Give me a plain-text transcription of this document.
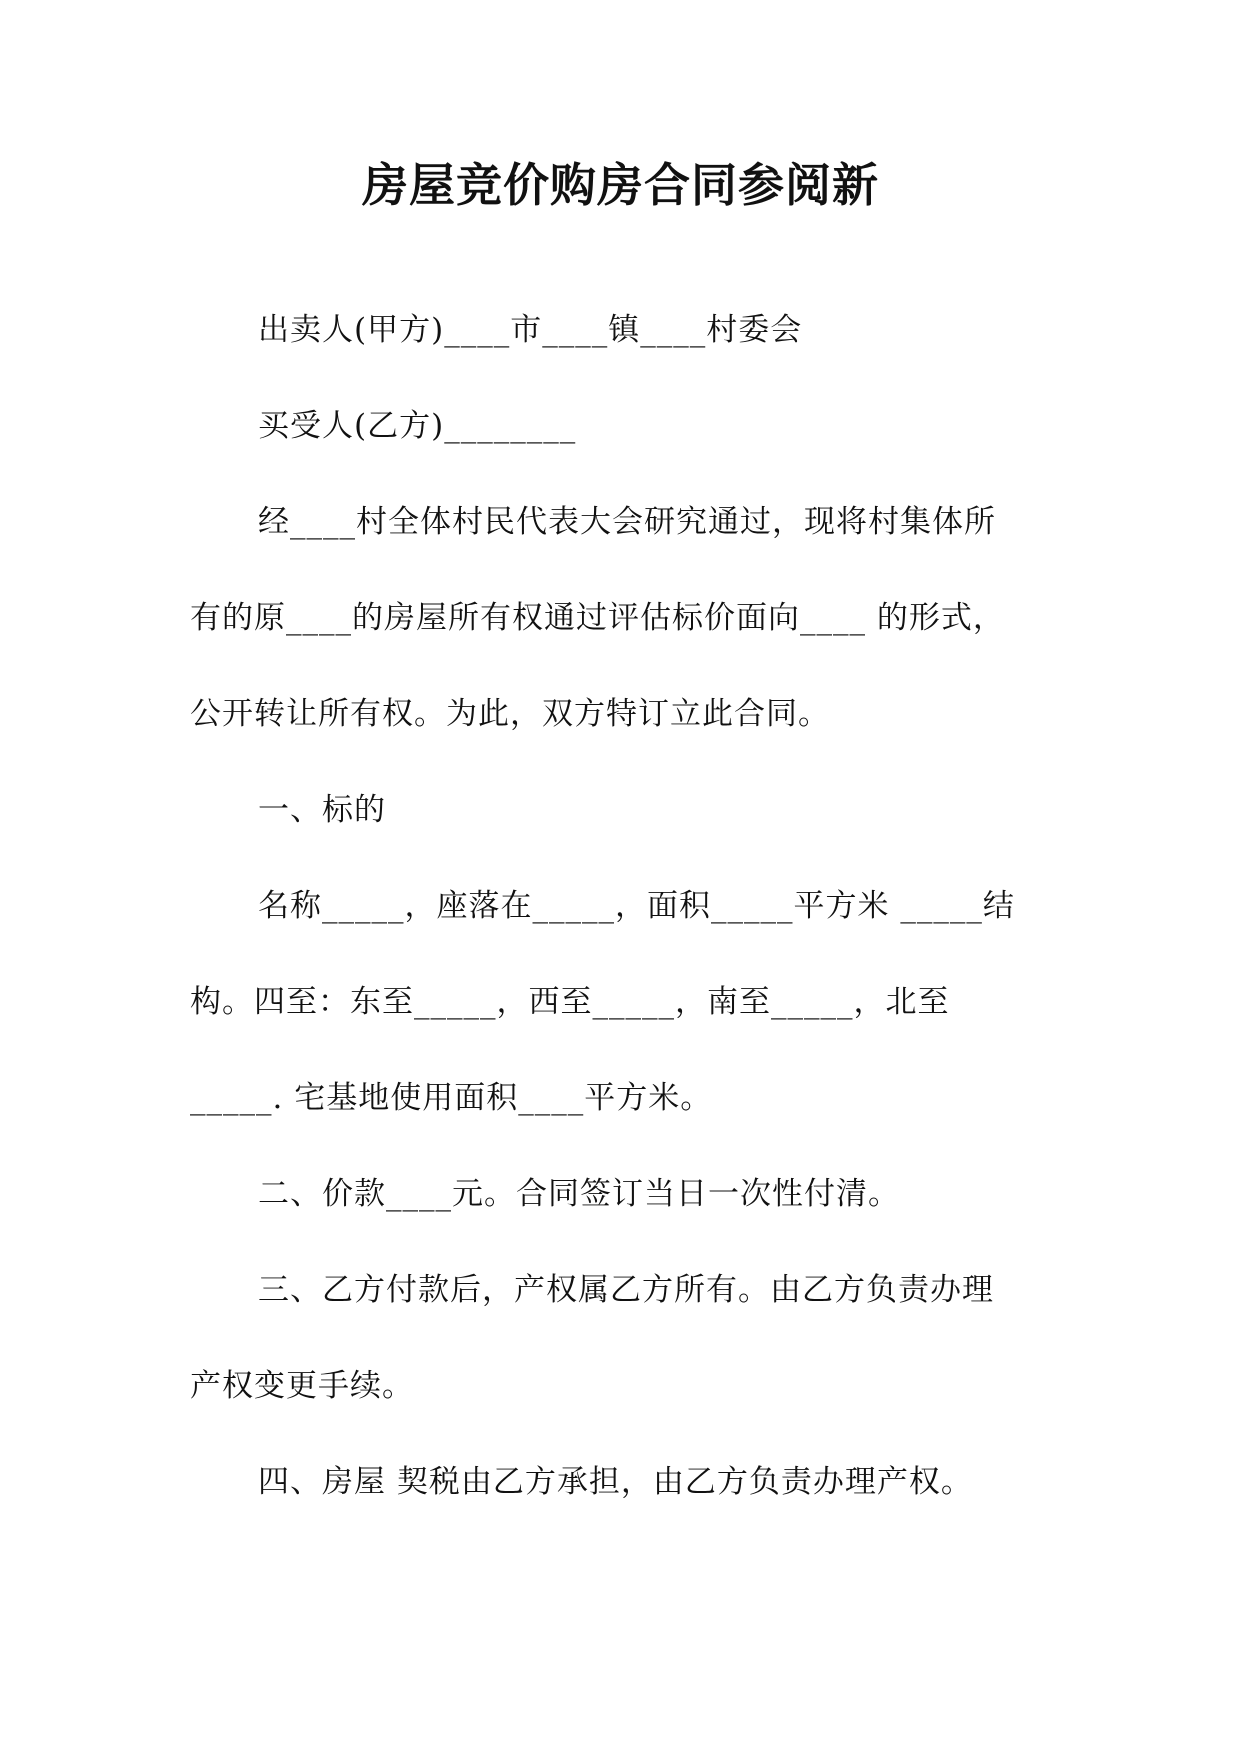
房屋竞价购房合同参阅新
出卖人(甲方)____市____镇____村委会
买受人(乙方)________
经____村全体村民代表大会研究通过，现将村集体所
有的原____的房屋所有权通过评估标价面向____ 的形式，
公开转让所有权。为此，双方特订立此合同。
一、标的
名称_____，座落在_____，面积_____平方米 _____结
构。四至：东至_____，西至_____，南至_____，北至
_____. 宅基地使用面积____平方米。
二、价款____元。合同签订当日一次性付清。
三、乙方付款后，产权属乙方所有。由乙方负责办理
产权变更手续。
四、房屋 契税由乙方承担，由乙方负责办理产权。
